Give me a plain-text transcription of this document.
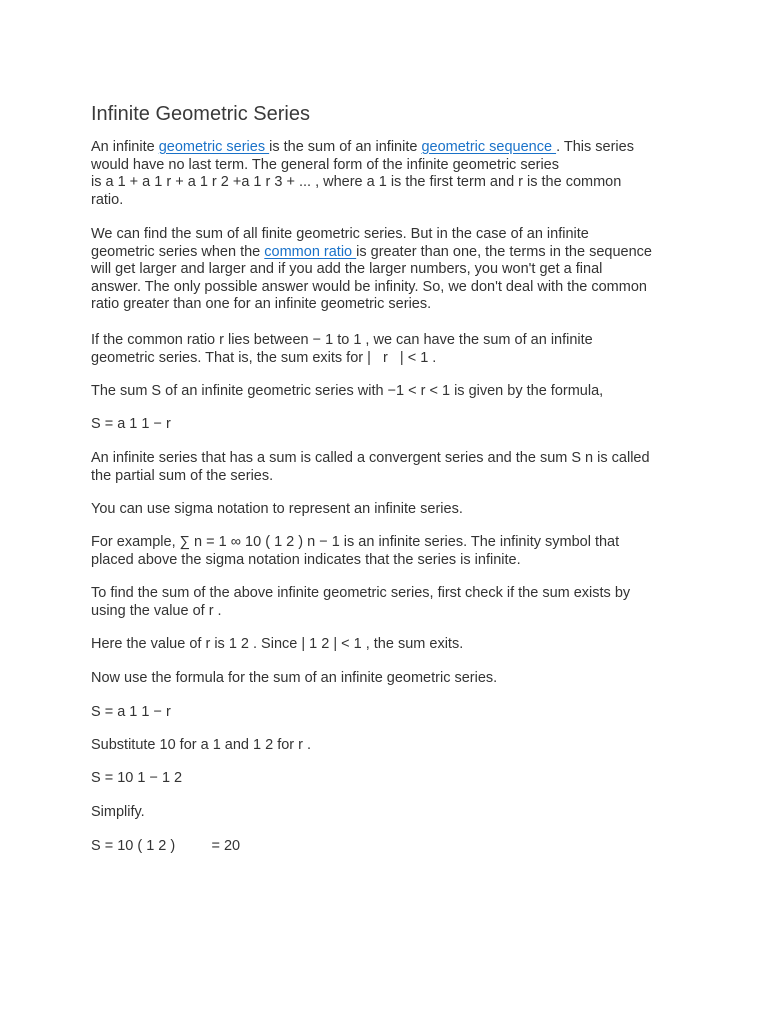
Infinite Geometric Series

An infinite geometric series is the sum of an infinite geometric sequence . This series
would have no last term. The general form of the infinite geometric series
is a 1 + a 1 r + a 1 r 2 +a 1 r 3 + ... , where a 1 is the first term and r is the common
ratio.

We can find the sum of all finite geometric series. But in the case of an infinite
geometric series when the common ratio is greater than one, the terms in the sequence
will get larger and larger and if you add the larger numbers, you won't get a final
answer. The only possible answer would be infinity. So, we don't deal with the common
ratio greater than one for an infinite geometric series.

If the common ratio r lies between − 1 to 1 , we can have the sum of an infinite
geometric series. That is, the sum exits for |   r   | < 1 .

The sum S of an infinite geometric series with −1 < r < 1 is given by the formula,

S = a 1 1 − r

An infinite series that has a sum is called a convergent series and the sum S n is called
the partial sum of the series.

You can use sigma notation to represent an infinite series.

For example, ∑ n = 1 ∞ 10 ( 1 2 ) n − 1 is an infinite series. The infinity symbol that
placed above the sigma notation indicates that the series is infinite.

To find the sum of the above infinite geometric series, first check if the sum exists by
using the value of r .

Here the value of r is 1 2 . Since | 1 2 | < 1 , the sum exits.

Now use the formula for the sum of an infinite geometric series.

S = a 1 1 − r

Substitute 10 for a 1 and 1 2 for r .

S = 10 1 − 1 2

Simplify.

S = 10 ( 1 2 )         = 20
